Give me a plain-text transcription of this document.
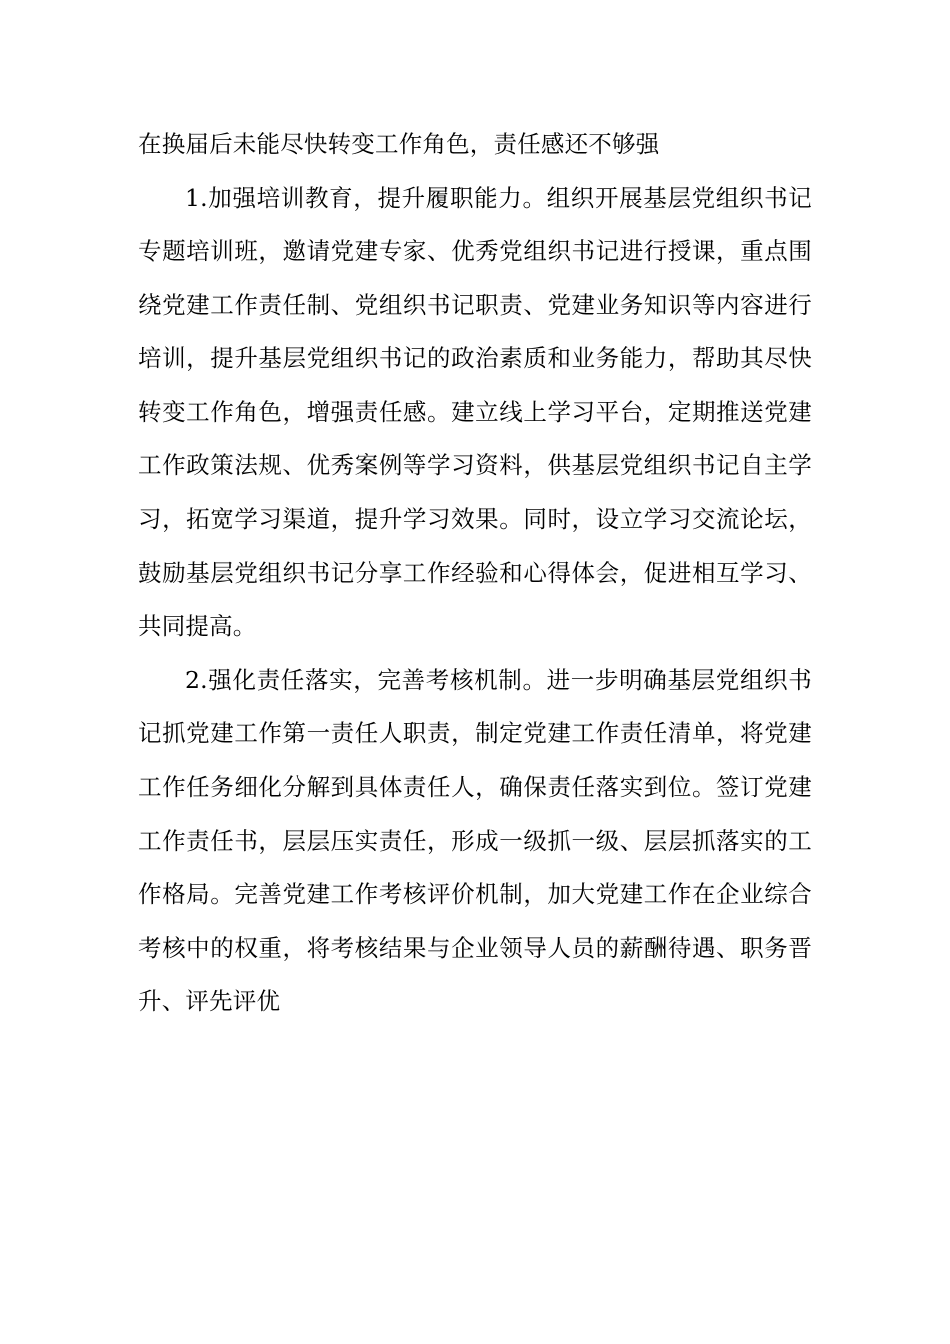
在换届后未能尽快转变工作角色，责任感还不够强

1.加强培训教育，提升履职能力。组织开展基层党组织书记专题培训班，邀请党建专家、优秀党组织书记进行授课，重点围绕党建工作责任制、党组织书记职责、党建业务知识等内容进行培训，提升基层党组织书记的政治素质和业务能力，帮助其尽快转变工作角色，增强责任感。建立线上学习平台，定期推送党建工作政策法规、优秀案例等学习资料，供基层党组织书记自主学习，拓宽学习渠道，提升学习效果。同时，设立学习交流论坛，鼓励基层党组织书记分享工作经验和心得体会，促进相互学习、共同提高。

2.强化责任落实，完善考核机制。进一步明确基层党组织书记抓党建工作第一责任人职责，制定党建工作责任清单，将党建工作任务细化分解到具体责任人，确保责任落实到位。签订党建工作责任书，层层压实责任，形成一级抓一级、层层抓落实的工作格局。完善党建工作考核评价机制，加大党建工作在企业综合考核中的权重，将考核结果与企业领导人员的薪酬待遇、职务晋升、评先评优
